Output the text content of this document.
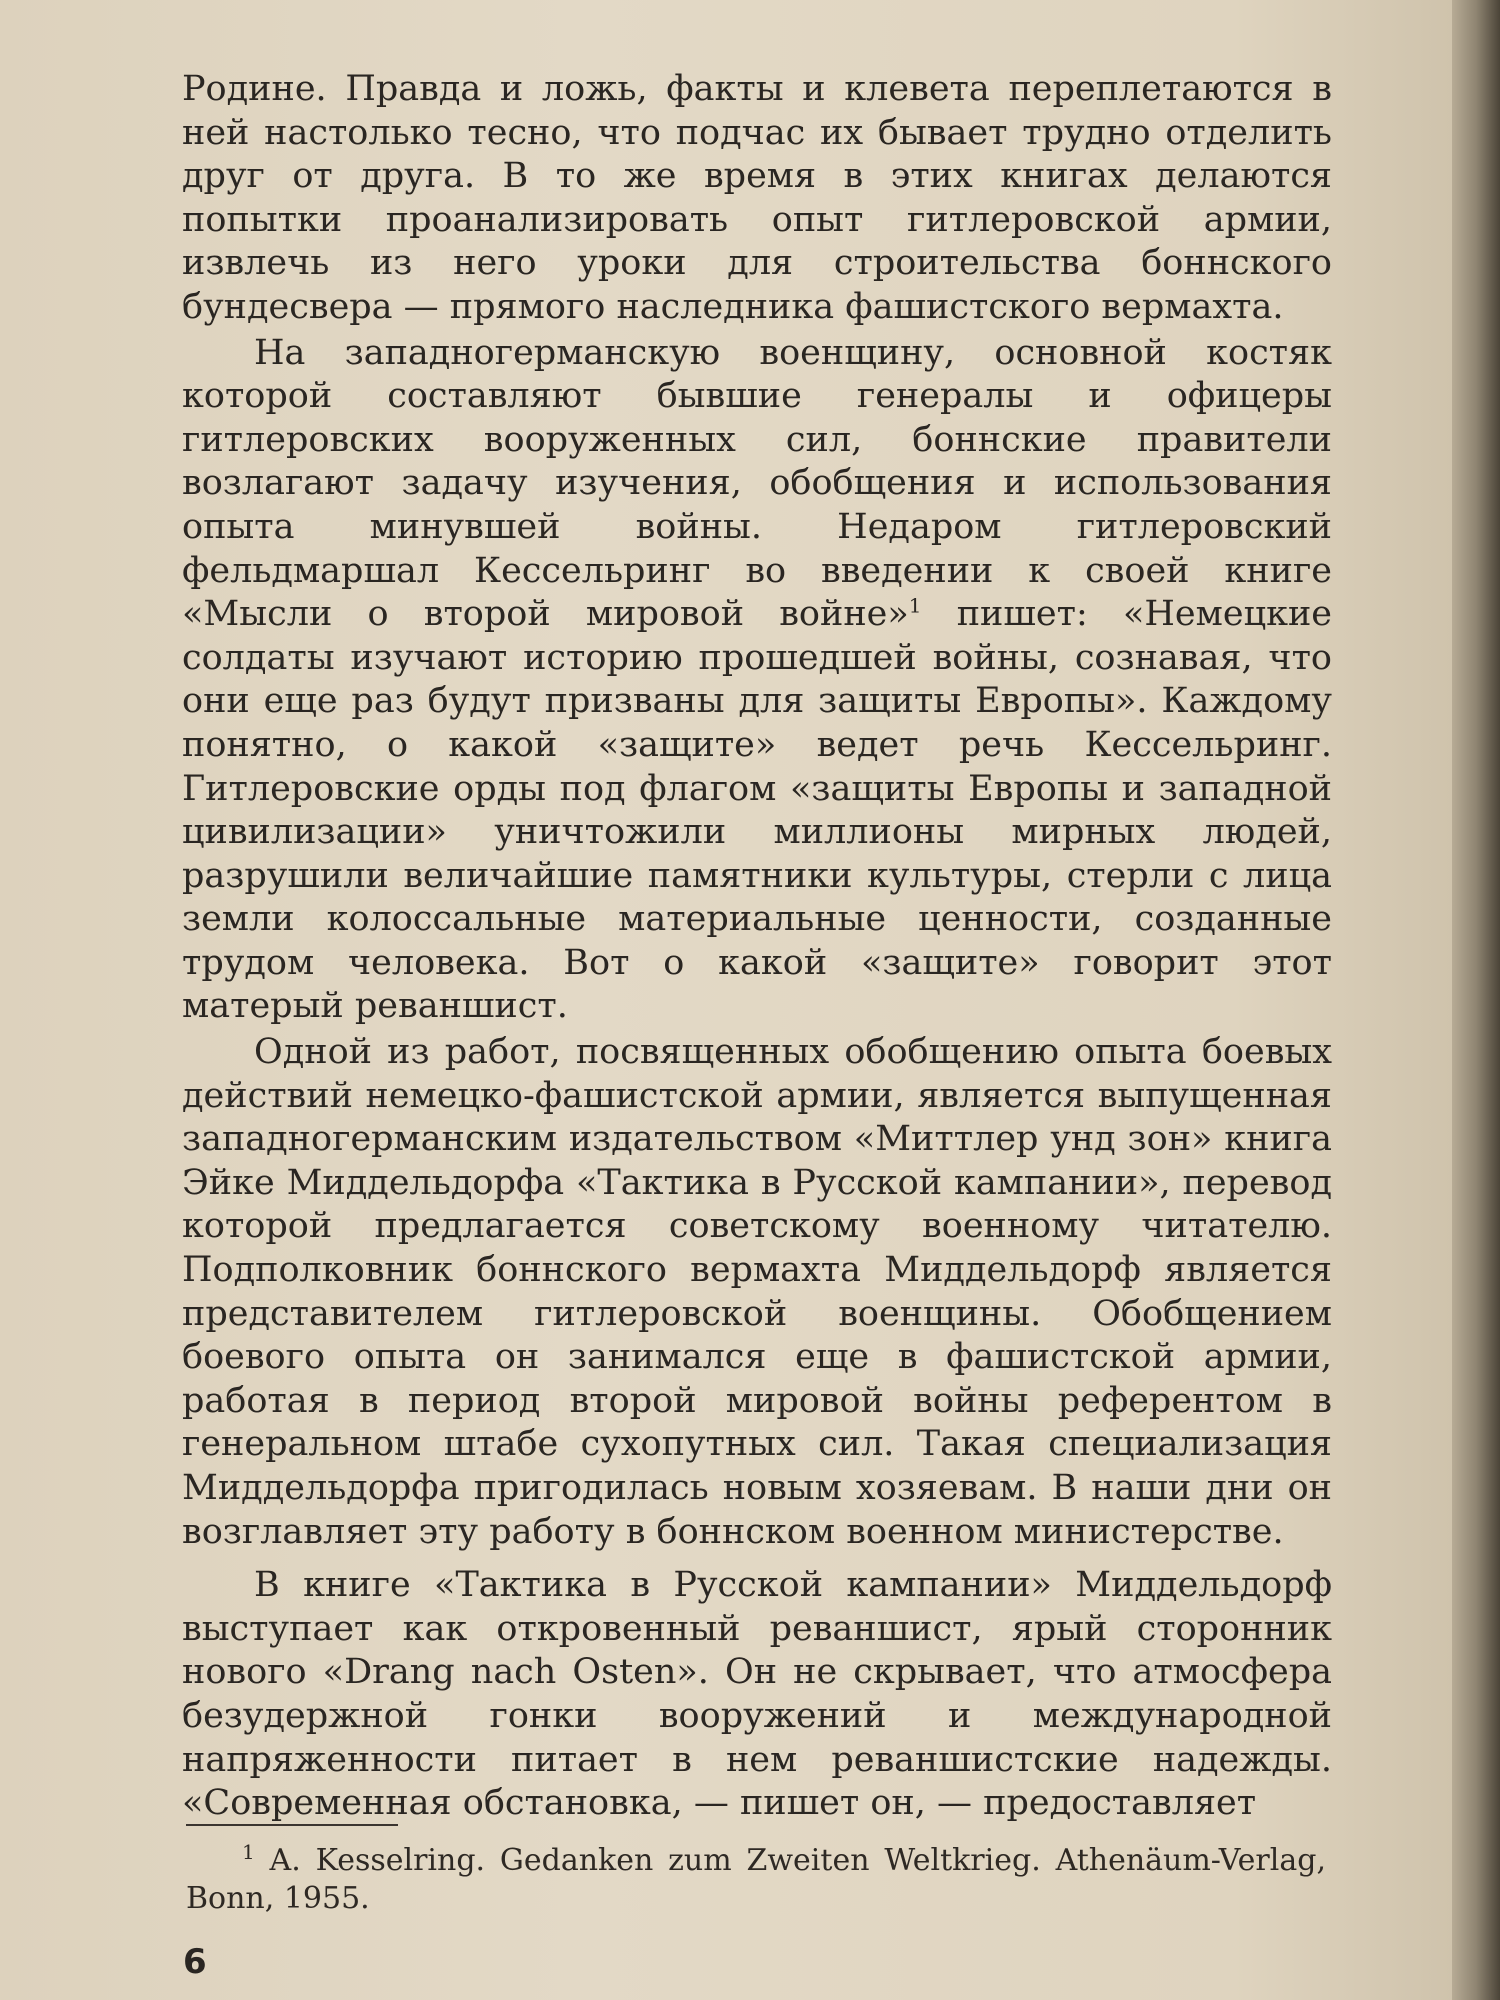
Родине. Правда и ложь, факты и клевета переплетаются в ней настолько тесно, что подчас их бывает трудно отделить друг от друга. В то же время в этих книгах делаются попытки проанализировать опыт гитлеровской армии, извлечь из него уроки для строительства боннского бундесвера — прямого наследника фашистского вермахта.

На западногерманскую военщину, основной костяк которой составляют бывшие генералы и офицеры гитлеровских вооруженных сил, боннские правители возлагают задачу изучения, обобщения и использования опыта минувшей войны. Недаром гитлеровский фельдмаршал Кессельринг во введении к своей книге «Мысли о второй мировой войне»$^1$ пишет: «Немецкие солдаты изучают историю прошедшей войны, сознавая, что они еще раз будут призваны для защиты Европы». Каждому понятно, о какой «защите» ведет речь Кессельринг. Гитлеровские орды под флагом «защиты Европы и западной цивилизации» уничтожили миллионы мирных людей, разрушили величайшие памятники культуры, стерли с лица земли колоссальные материальные ценности, созданные трудом человека. Вот о какой «защите» говорит этот матерый реваншист.

Одной из работ, посвященных обобщению опыта боевых действий немецко-фашистской армии, является выпущенная западногерманским издательством «Миттлер унд зон» книга Эйке Миддельдорфа «Тактика в Русской кампании», перевод которой предлагается советскому военному читателю. Подполковник боннского вермахта Миддельдорф является представителем гитлеровской военщины. Обобщением боевого опыта он занимался еще в фашистской армии, работая в период второй мировой войны референтом в генеральном штабе сухопутных сил. Такая специализация Миддельдорфа пригодилась новым хозяевам. В наши дни он возглавляет эту работу в боннском военном министерстве.

В книге «Тактика в Русской кампании» Миддельдорф выступает как откровенный реваншист, ярый сторонник нового «Drang nach Osten». Он не скрывает, что атмосфера безудержной гонки вооружений и международной напряженности питает в нем реваншистские надежды. «Современная обстановка, — пишет он, — предоставляет

$^1$ A. Kesselring. Gedanken zum Zweiten Weltkrieg. Athenäum-Verlag, Bonn, 1955.

6
